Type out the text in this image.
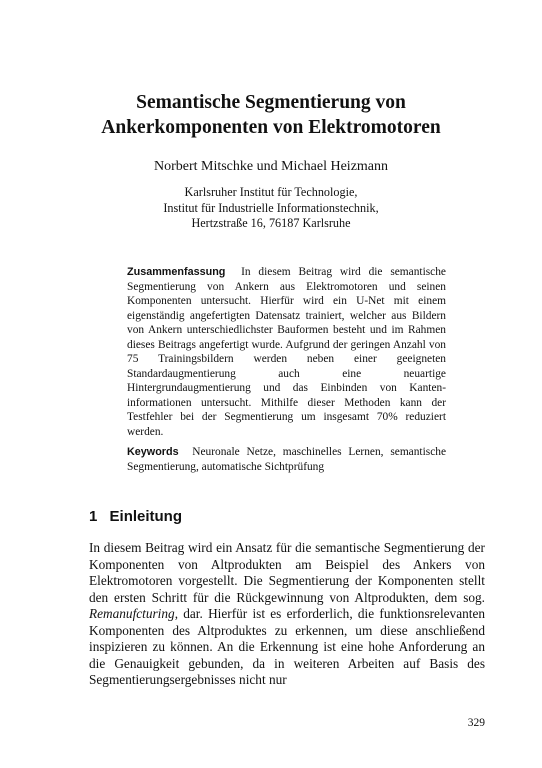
Semantische Segmentierung von
Ankerkomponenten von Elektromotoren
Norbert Mitschke und Michael Heizmann
Karlsruher Institut für Technologie,
Institut für Industrielle Informationstechnik,
Hertzstraße 16, 76187 Karlsruhe

Zusammenfassung In diesem Beitrag wird die semantische Segmentierung von Ankern aus Elektromotoren und seinen Komponenten untersucht. Hierfür wird ein U-Net mit einem eigenständig angefertigten Datensatz trainiert, welcher aus Bildern von Ankern unterschiedlichster Bauformen besteht und im Rahmen dieses Beitrags angefertigt wurde. Aufgrund der geringen Anzahl von 75 Trainingsbildern werden neben einer geeigneten Standardaugmentierung auch eine neuartige Hintergrundaugmentierung und das Einbinden von Kanteninformationen untersucht. Mithilfe dieser Methoden kann der Testfehler bei der Segmentierung um insgesamt 70% reduziert werden.

Keywords Neuronale Netze, maschinelles Lernen, semantische Segmentierung, automatische Sichtprüfung
1 Einleitung

In diesem Beitrag wird ein Ansatz für die semantische Segmentierung der Komponenten von Altprodukten am Beispiel des Ankers von Elektromotoren vorgestellt. Die Segmentierung der Komponenten stellt den ersten Schritt für die Rückgewinnung von Altprodukten, dem sog. Remanufcturing, dar. Hierfür ist es erforderlich, die funktionsrelevanten Komponenten des Altproduktes zu erkennen, um diese anschließend inspizieren zu können. An die Erkennung ist eine hohe Anforderung an die Genauigkeit gebunden, da in weiteren Arbeiten auf Basis des Segmentierungsergebnisses nicht nur

329
